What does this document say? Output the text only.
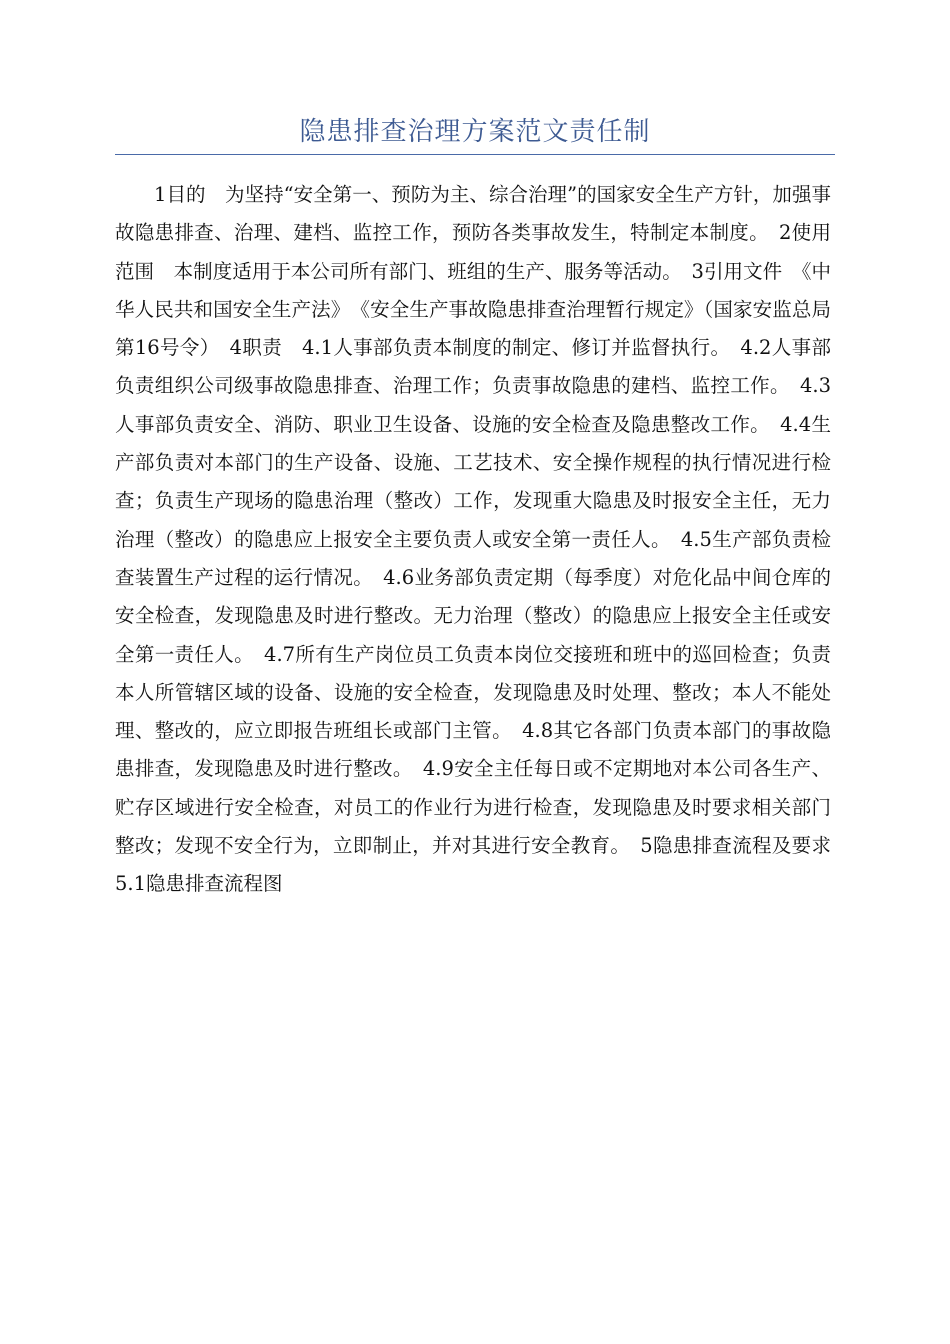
隐患排查治理方案范文责任制

1目的　为坚持“安全第一、预防为主、综合治理”的国家安全生产方针，加强事故隐患排查、治理、建档、监控工作，预防各类事故发生，特制定本制度。　2使用范围　本制度适用于本公司所有部门、班组的生产、服务等活动。　3引用文件　《中华人民共和国安全生产法》　《安全生产事故隐患排查治理暂行规定》（国家安监总局第16号令）　4职责　4.1人事部负责本制度的制定、修订并监督执行。　4.2人事部负责组织公司级事故隐患排查、治理工作；负责事故隐患的建档、监控工作。　4.3人事部负责安全、消防、职业卫生设备、设施的安全检查及隐患整改工作。　4.4生产部负责对本部门的生产设备、设施、工艺技术、安全操作规程的执行情况进行检查；负责生产现场的隐患治理（整改）工作，发现重大隐患及时报安全主任，无力治理（整改）的隐患应上报安全主要负责人或安全第一责任人。　4.5生产部负责检查装置生产过程的运行情况。　4.6业务部负责定期（每季度）对危化品中间仓库的安全检查，发现隐患及时进行整改。无力治理（整改）的隐患应上报安全主任或安全第一责任人。　4.7所有生产岗位员工负责本岗位交接班和班中的巡回检查；负责本人所管辖区域的设备、设施的安全检查，发现隐患及时处理、整改；本人不能处理、整改的，应立即报告班组长或部门主管。　4.8其它各部门负责本部门的事故隐患排查，发现隐患及时进行整改。　4.9安全主任每日或不定期地对本公司各生产、贮存区域进行安全检查，对员工的作业行为进行检查，发现隐患及时要求相关部门整改；发现不安全行为，立即制止，并对其进行安全教育。　5隐患排查流程及要求　5.1隐患排查流程图
